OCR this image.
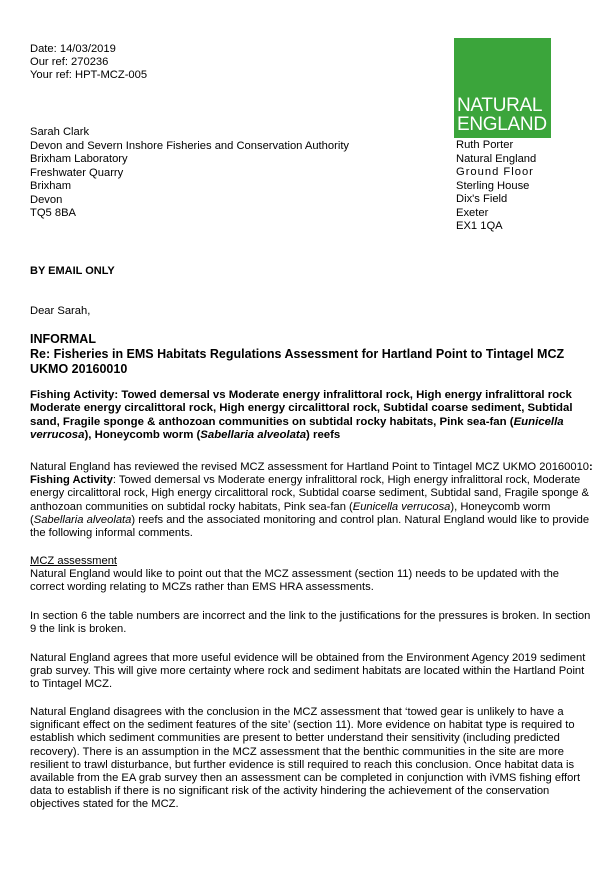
Date: 14/03/2019
Our ref: 270236
Your ref: HPT-MCZ-005
NATURAL
ENGLAND
Ruth Porter
Natural England
Ground Floor
Sterling House
Dix's Field
Exeter
EX1 1QA
Sarah Clark
Devon and Severn Inshore Fisheries and Conservation Authority
Brixham Laboratory
Freshwater Quarry
Brixham
Devon
TQ5 8BA
BY EMAIL ONLY
Dear Sarah,
INFORMAL
Re: Fisheries in EMS Habitats Regulations Assessment for Hartland Point to Tintagel MCZ UKMO 20160010
Fishing Activity: Towed demersal vs Moderate energy infralittoral rock, High energy infralittoral rock Moderate energy circalittoral rock, High energy circalittoral rock, Subtidal coarse sediment, Subtidal sand, Fragile sponge & anthozoan communities on subtidal rocky habitats, Pink sea-fan (Eunicella verrucosa), Honeycomb worm (Sabellaria alveolata) reefs
Natural England has reviewed the revised MCZ assessment for Hartland Point to Tintagel MCZ UKMO 20160010: Fishing Activity: Towed demersal vs Moderate energy infralittoral rock, High energy infralittoral rock, Moderate energy circalittoral rock, High energy circalittoral rock, Subtidal coarse sediment, Subtidal sand, Fragile sponge & anthozoan communities on subtidal rocky habitats, Pink sea-fan (Eunicella verrucosa), Honeycomb worm (Sabellaria alveolata) reefs and the associated monitoring and control plan. Natural England would like to provide the following informal comments.
MCZ assessment
Natural England would like to point out that the MCZ assessment (section 11) needs to be updated with the correct wording relating to MCZs rather than EMS HRA assessments.
In section 6 the table numbers are incorrect and the link to the justifications for the pressures is broken. In section 9 the link is broken.
Natural England agrees that more useful evidence will be obtained from the Environment Agency 2019 sediment grab survey. This will give more certainty where rock and sediment habitats are located within the Hartland Point to Tintagel MCZ.
Natural England disagrees with the conclusion in the MCZ assessment that ‘towed gear is unlikely to have a significant effect on the sediment features of the site’ (section 11). More evidence on habitat type is required to establish which sediment communities are present to better understand their sensitivity (including predicted recovery). There is an assumption in the MCZ assessment that the benthic communities in the site are more resilient to trawl disturbance, but further evidence is still required to reach this conclusion. Once habitat data is available from the EA grab survey then an assessment can be completed in conjunction with iVMS fishing effort data to establish if there is no significant risk of the activity hindering the achievement of the conservation objectives stated for the MCZ.
